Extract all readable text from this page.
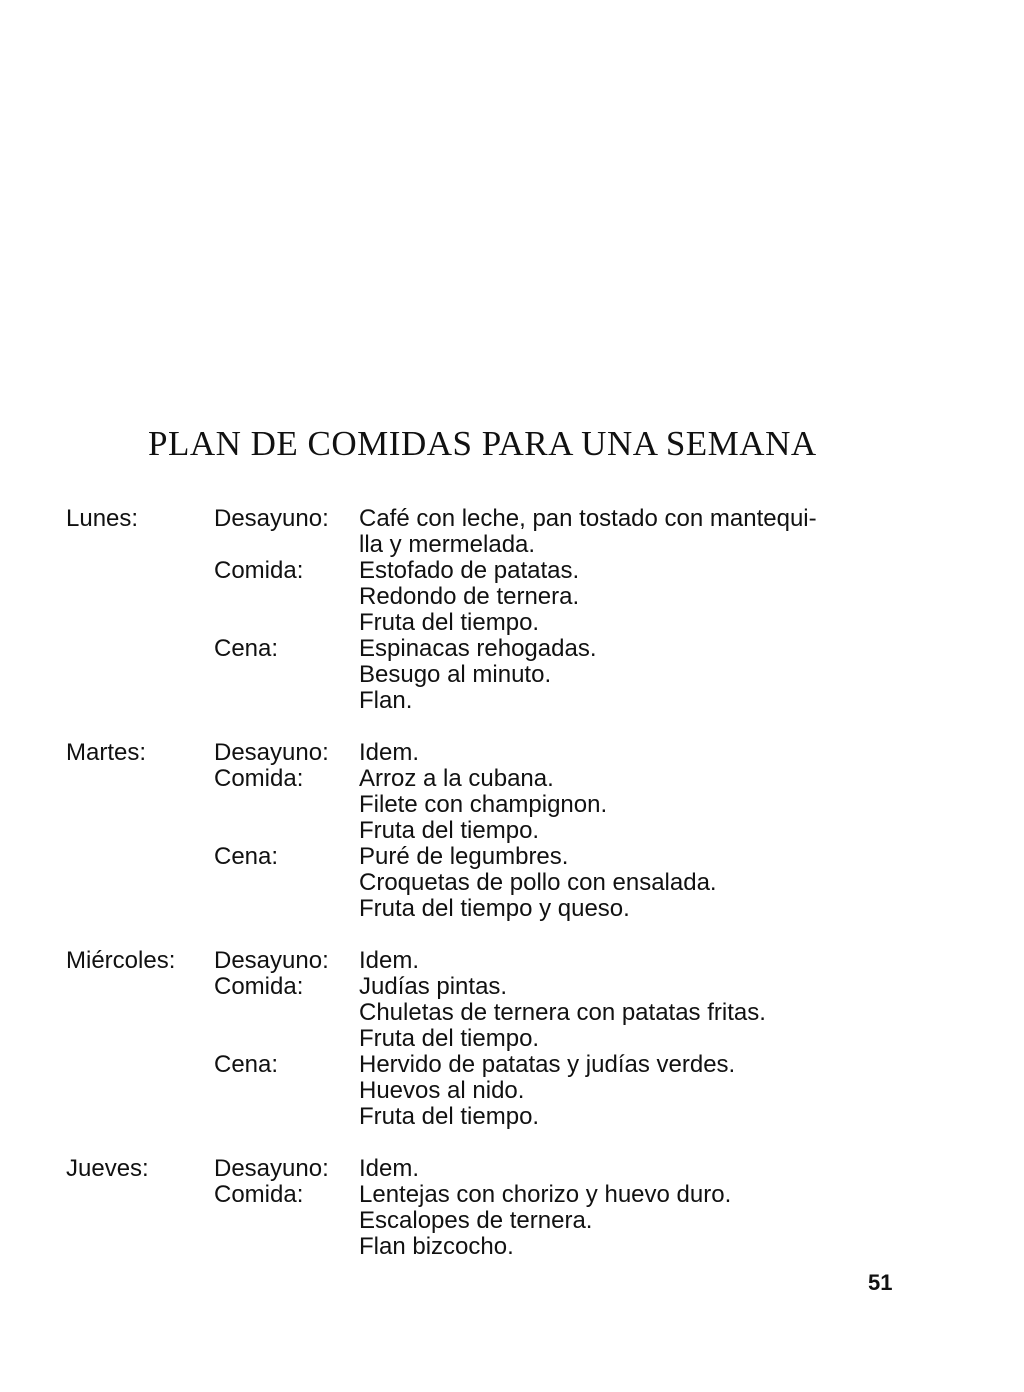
PLAN DE COMIDAS PARA UNA SEMANA
Lunes:	Desayuno:	Café con leche, pan tostado con mantequi-
lla y mermelada.
Comida:	Estofado de patatas.
Redondo de ternera.
Fruta del tiempo.
Cena:	Espinacas rehogadas.
Besugo al minuto.
Flan.
Martes:	Desayuno:	Idem.
Comida:	Arroz a la cubana.
Filete con champignon.
Fruta del tiempo.
Cena:	Puré de legumbres.
Croquetas de pollo con ensalada.
Fruta del tiempo y queso.
Miércoles:	Desayuno:	Idem.
Comida:	Judías pintas.
Chuletas de ternera con patatas fritas.
Fruta del tiempo.
Cena:	Hervido de patatas y judías verdes.
Huevos al nido.
Fruta del tiempo.
Jueves:	Desayuno:	Idem.
Comida:	Lentejas con chorizo y huevo duro.
Escalopes de ternera.
Flan bizcocho.
51
